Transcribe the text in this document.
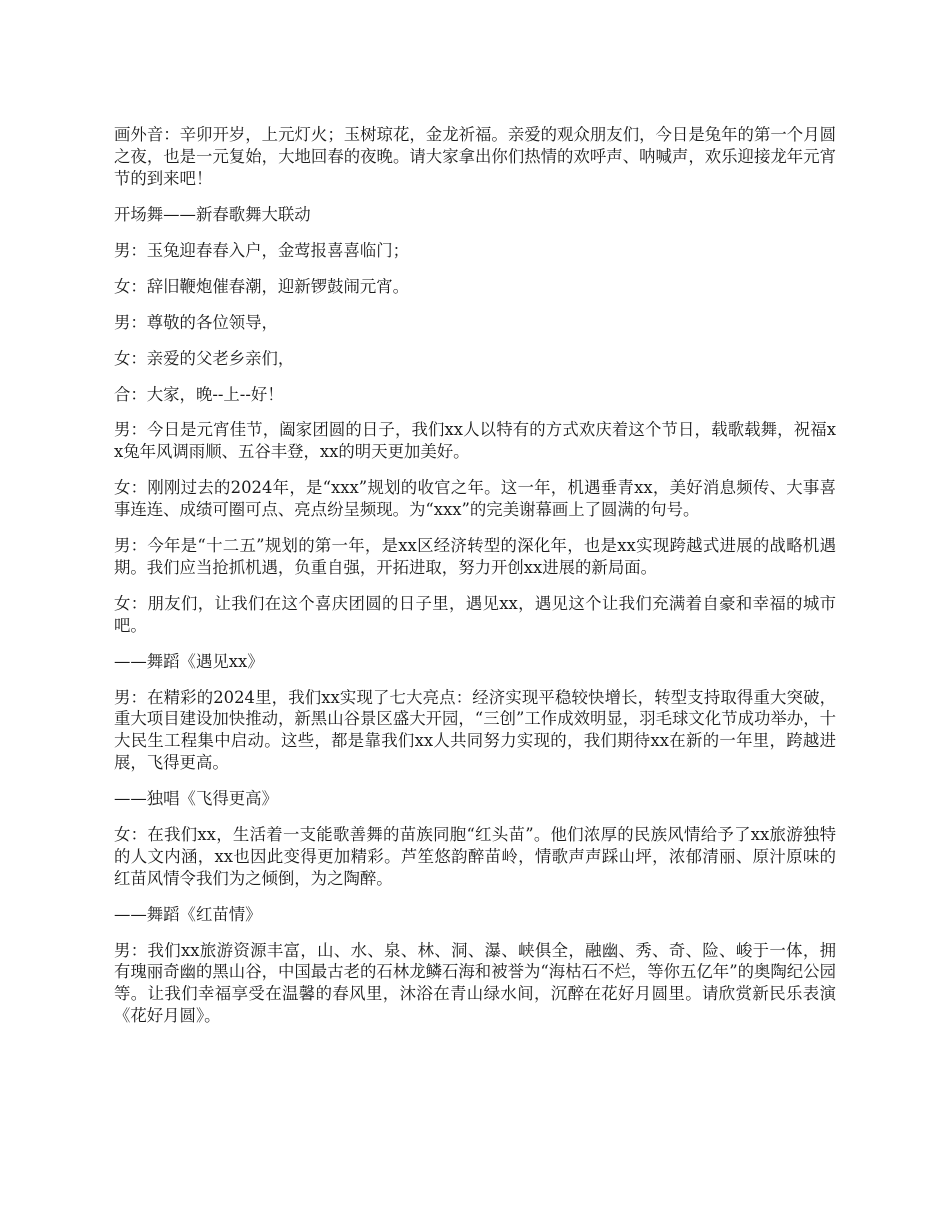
画外音：辛卯开岁，上元灯火；玉树琼花，金龙祈福。亲爱的观众朋友们，今日是兔年的第一个月圆之夜，也是一元复始，大地回春的夜晚。请大家拿出你们热情的欢呼声、呐喊声，欢乐迎接龙年元宵节的到来吧！

开场舞——新春歌舞大联动

男：玉兔迎春春入户，金莺报喜喜临门；

女：辞旧鞭炮催春潮，迎新锣鼓闹元宵。

男：尊敬的各位领导，

女：亲爱的父老乡亲们，

合：大家，晚--上--好！

男：今日是元宵佳节，阖家团圆的日子，我们xx人以特有的方式欢庆着这个节日，载歌载舞，祝福xx兔年风调雨顺、五谷丰登，xx的明天更加美好。

女：刚刚过去的2024年，是“xxx”规划的收官之年。这一年，机遇垂青xx，美好消息频传、大事喜事连连、成绩可圈可点、亮点纷呈频现。为“xxx”的完美谢幕画上了圆满的句号。

男：今年是“十二五”规划的第一年，是xx区经济转型的深化年，也是xx实现跨越式进展的战略机遇期。我们应当抢抓机遇，负重自强，开拓进取，努力开创xx进展的新局面。

女：朋友们，让我们在这个喜庆团圆的日子里，遇见xx，遇见这个让我们充满着自豪和幸福的城市吧。

——舞蹈《遇见xx》

男：在精彩的2024里，我们xx实现了七大亮点：经济实现平稳较快增长，转型支持取得重大突破，重大项目建设加快推动，新黑山谷景区盛大开园，“三创”工作成效明显，羽毛球文化节成功举办，十大民生工程集中启动。这些，都是靠我们xx人共同努力实现的，我们期待xx在新的一年里，跨越进展，飞得更高。

——独唱《飞得更高》

女：在我们xx，生活着一支能歌善舞的苗族同胞“红头苗”。他们浓厚的民族风情给予了xx旅游独特的人文内涵，xx也因此变得更加精彩。芦笙悠韵醉苗岭，情歌声声踩山坪，浓郁清丽、原汁原味的红苗风情令我们为之倾倒，为之陶醉。

——舞蹈《红苗情》

男：我们xx旅游资源丰富，山、水、泉、林、洞、瀑、峡俱全，融幽、秀、奇、险、峻于一体，拥有瑰丽奇幽的黑山谷，中国最古老的石林龙鳞石海和被誉为“海枯石不烂，等你五亿年”的奥陶纪公园等。让我们幸福享受在温馨的春风里，沐浴在青山绿水间，沉醉在花好月圆里。请欣赏新民乐表演《花好月圆》。
